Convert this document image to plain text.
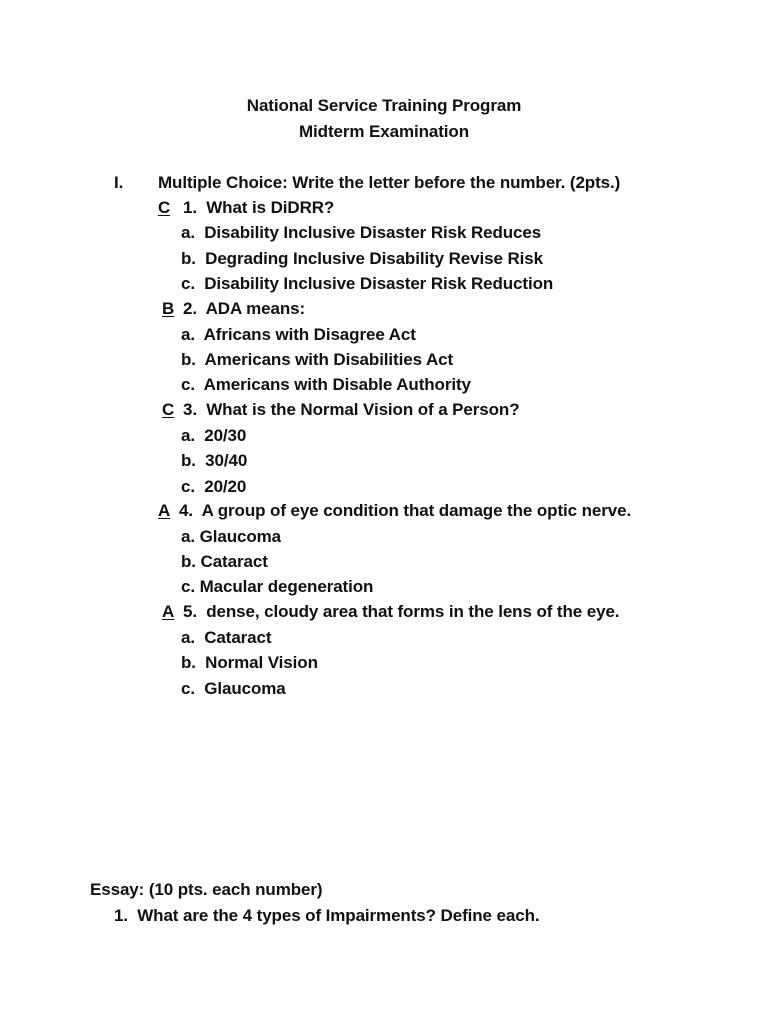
National Service Training Program
Midterm Examination
I. Multiple Choice: Write the letter before the number. (2pts.)
C 1.  What is DiDRR?
a.  Disability Inclusive Disaster Risk Reduces
b.  Degrading Inclusive Disability Revise Risk
c.  Disability Inclusive Disaster Risk Reduction
B 2.  ADA means:
a.  Africans with Disagree Act
b.  Americans with Disabilities Act
c.  Americans with Disable Authority
C 3.  What is the Normal Vision of a Person?
a.  20/30
b.  30/40
c.  20/20
A 4.  A group of eye condition that damage the optic nerve.
a. Glaucoma
b. Cataract
c. Macular degeneration
A 5.  dense, cloudy area that forms in the lens of the eye.
a.  Cataract
b.  Normal Vision
c.  Glaucoma
Essay: (10 pts. each number)
1.  What are the 4 types of Impairments? Define each.
